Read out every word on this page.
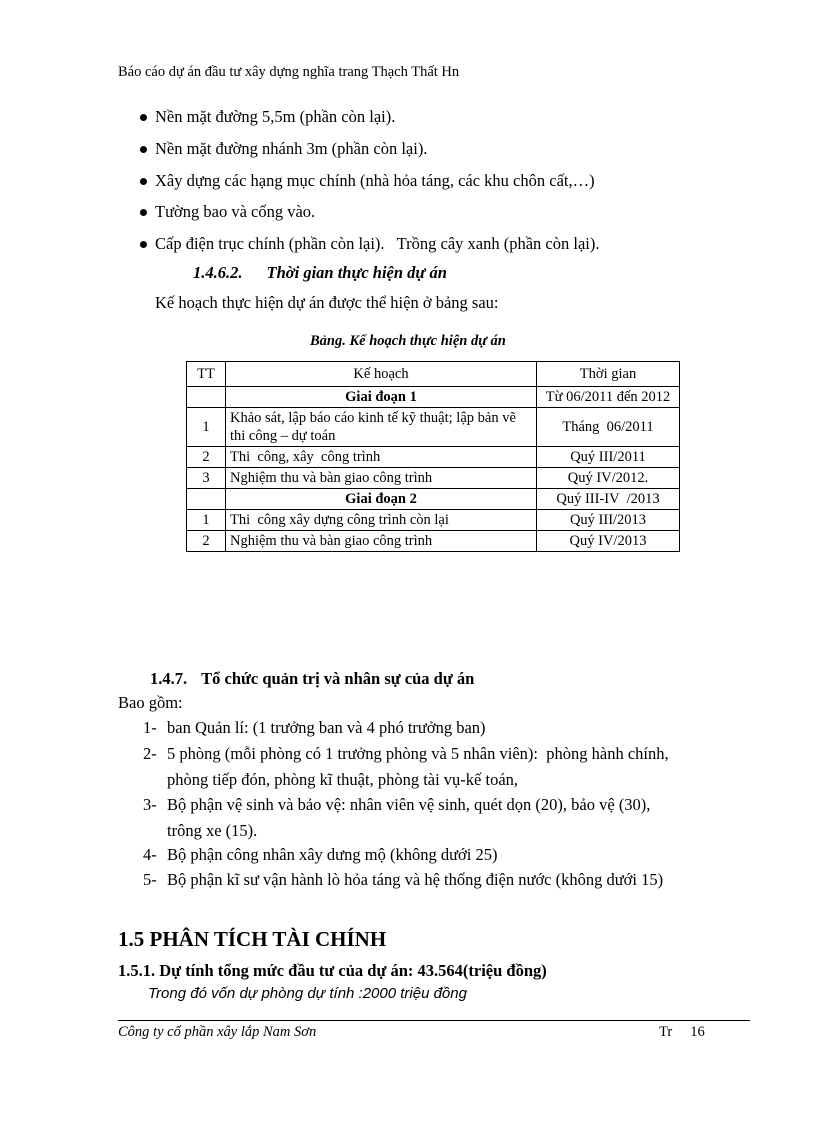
Báo cáo dự án đầu tư xây dựng nghĩa trang Thạch Thất Hn
Nền mặt đường 5,5m (phần còn lại).
Nền mặt đường nhánh 3m (phần còn lại).
Xây dựng các hạng mục chính (nhà hỏa táng, các khu chôn cất,…)
Tường bao và cổng vào.
Cấp điện trục chính (phần còn lại).   Trồng cây xanh (phần còn lại).
1.4.6.2. Thời gian thực hiện dự án
Kế hoạch thực hiện dự án được thể hiện ở bảng sau:
Bảng. Kế hoạch thực hiện dự án
TT	Kế hoạch	Thời gian
	Giai đoạn 1	Từ 06/2011 đến 2012
1	Khảo sát, lập báo cáo kinh tế kỹ thuật; lập bản vẽ thi công – dự toán	Tháng  06/2011
2	Thi  công, xây  công trình	Quý III/2011
3	Nghiệm thu và bàn giao công trình	Quý IV/2012.
	Giai đoạn 2	Quý III-IV  /2013
1	Thi  công xây dựng công trình còn lại	Quý III/2013
2	Nghiệm thu và bàn giao công trình	Quý IV/2013
1.4.7. Tổ chức quản trị và nhân sự của dự án
Bao gồm:
1- ban Quản lí: (1 trưởng ban và 4 phó trưởng ban)
2- 5 phòng (mỗi phòng có 1 trưởng phòng và 5 nhân viên):  phòng hành chính,
phòng tiếp đón, phòng kĩ thuật, phòng tài vụ-kế toán,
3- Bộ phận vệ sinh và bảo vệ: nhân viên vệ sinh, quét dọn (20), bảo vệ (30),
trông xe (15).
4- Bộ phận công nhân xây dưng mộ (không dưới 25)
5- Bộ phận kĩ sư vận hành lò hỏa táng và hệ thống điện nước (không dưới 15)
1.5 PHÂN TÍCH TÀI CHÍNH
1.5.1. Dự tính tổng mức đầu tư của dự án: 43.564(triệu đồng)
Trong đó vốn dự phòng dự tính :2000 triệu đồng
Công ty cổ phần xây lắp Nam Sơn	Tr 16
